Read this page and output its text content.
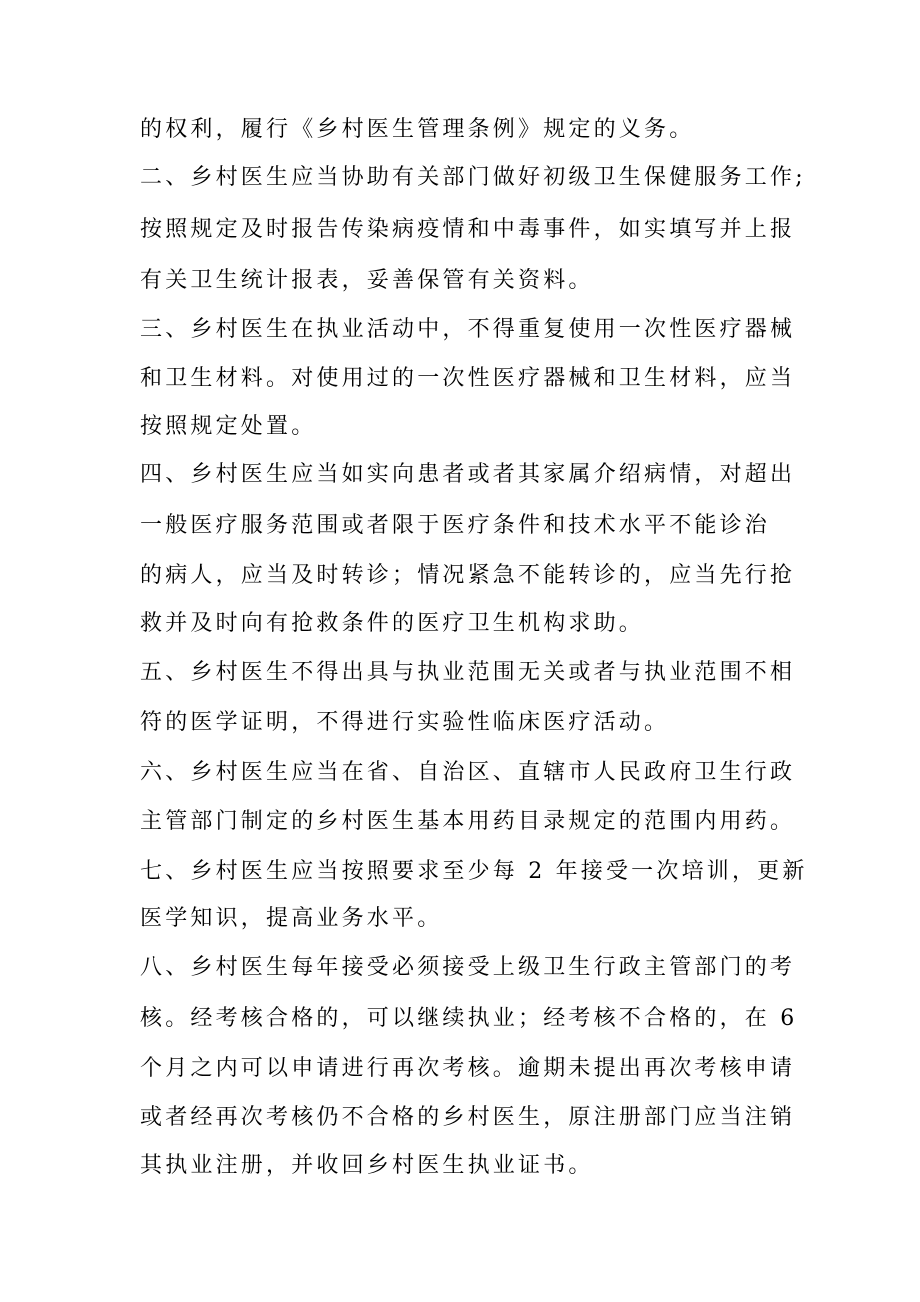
的权利，履行《乡村医生管理条例》规定的义务。
二、乡村医生应当协助有关部门做好初级卫生保健服务工作;
按照规定及时报告传染病疫情和中毒事件，如实填写并上报
有关卫生统计报表，妥善保管有关资料。
三、乡村医生在执业活动中，不得重复使用一次性医疗器械
和卫生材料。对使用过的一次性医疗器械和卫生材料，应当
按照规定处置。
四、乡村医生应当如实向患者或者其家属介绍病情，对超出
一般医疗服务范围或者限于医疗条件和技术水平不能诊治
的病人，应当及时转诊；情况紧急不能转诊的，应当先行抢
救并及时向有抢救条件的医疗卫生机构求助。
五、乡村医生不得出具与执业范围无关或者与执业范围不相
符的医学证明，不得进行实验性临床医疗活动。
六、乡村医生应当在省、自治区、直辖市人民政府卫生行政
主管部门制定的乡村医生基本用药目录规定的范围内用药。
七、乡村医生应当按照要求至少每 2 年接受一次培训，更新
医学知识，提高业务水平。
八、乡村医生每年接受必须接受上级卫生行政主管部门的考
核。经考核合格的，可以继续执业；经考核不合格的，在 6
个月之内可以申请进行再次考核。逾期未提出再次考核申请
或者经再次考核仍不合格的乡村医生，原注册部门应当注销
其执业注册，并收回乡村医生执业证书。
